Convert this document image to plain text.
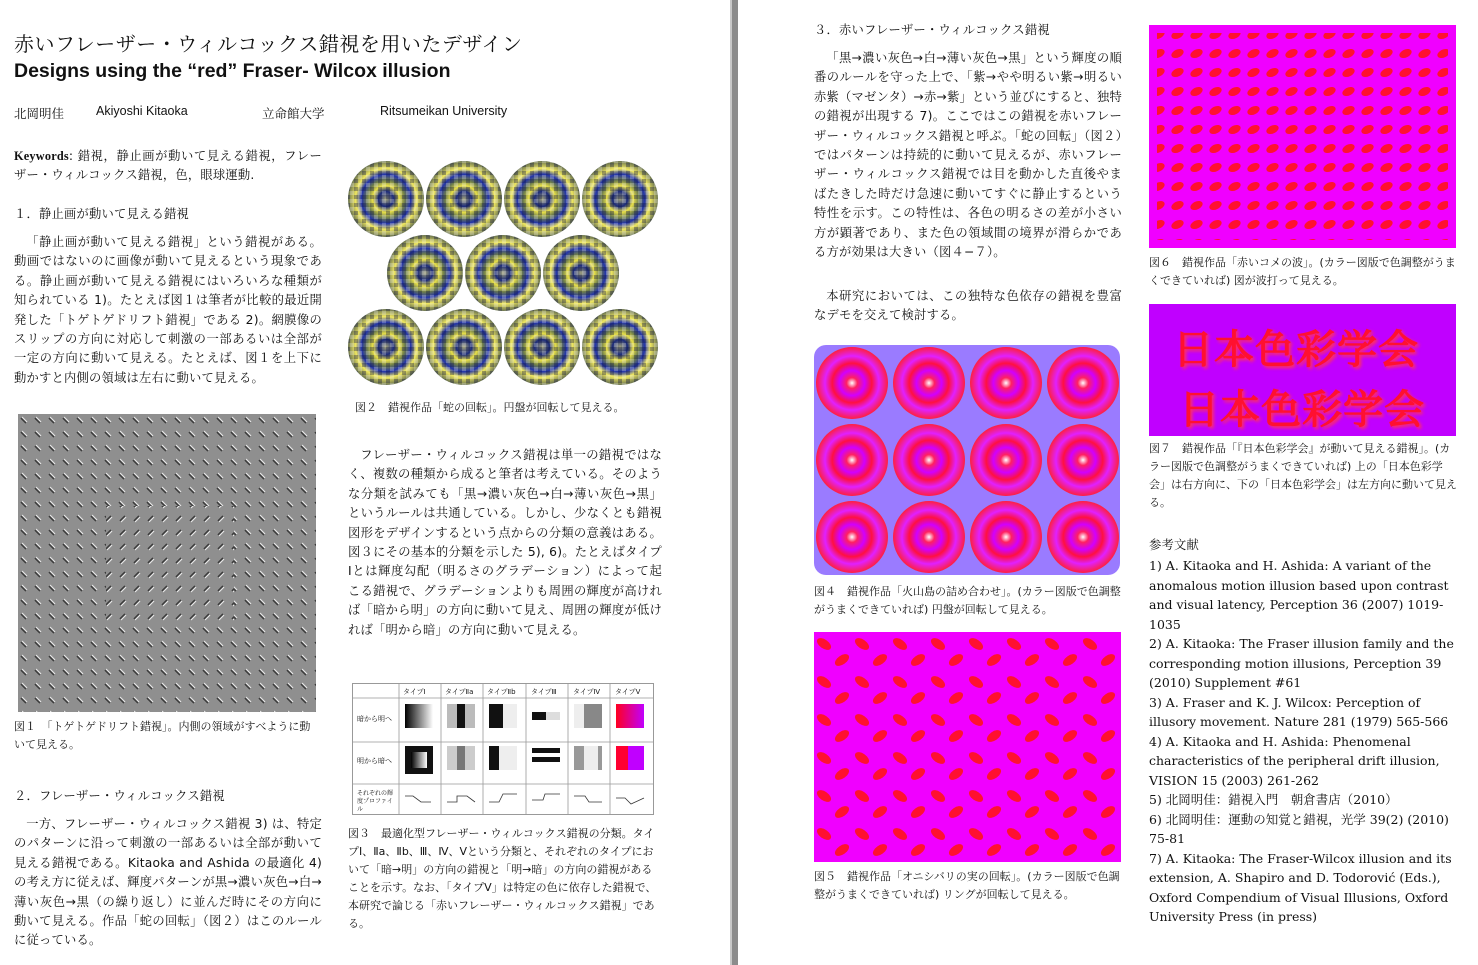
赤いフレーザー・ウィルコックス錯視を用いたデザイン
Designs using the “red” Fraser- Wilcox illusion
北岡明佳	Akiyoshi Kitaoka	立命館大学	Ritsumeikan University
Keywords: 錯視，静止画が動いて見える錯視，フレーザー・ウィルコックス錯視，色，眼球運動.
１．静止画が動いて見える錯視
「静止画が動いて見える錯視」という錯視がある。動画ではないのに画像が動いて見えるという現象である。静止画が動いて見える錯視にはいろいろな種類が知られている 1)。たとえば図１は筆者が比較的最近開発した「トゲトゲドリフト錯視」である 2)。網膜像のスリップの方向に対応して刺激の一部あるいは全部が一定の方向に動いて見える。たとえば、図１を上下に動かすと内側の領域は左右に動いて見える。
図１　「トゲトゲドリフト錯視」。内側の領域がすべように動いて見える。
２．フレーザー・ウィルコックス錯視
一方、フレーザー・ウィルコックス錯視 3) は、特定のパターンに沿って刺激の一部あるいは全部が動いて見える錯視である。Kitaoka and Ashida の最適化 4)の考え方に従えば、輝度パターンが黒→濃い灰色→白→薄い灰色→黒（の繰り返し）に並んだ時にその方向に動いて見える。作品「蛇の回転」（図２）はこのルールに従っている。
図２　錯視作品「蛇の回転」。円盤が回転して見える。
フレーザー・ウィルコックス錯視は単一の錯視ではなく、複数の種類から成ると筆者は考えている。そのような分類を試みても「黒→濃い灰色→白→薄い灰色→黒」というルールは共通している。しかし、少なくとも錯視図形をデザインするという点からの分類の意義はある。図３にその基本的分類を示した 5), 6)。たとえばタイプⅠとは輝度勾配（明るさのグラデーション）によって起こる錯視で、グラデーションよりも周囲の輝度が高ければ「暗から明」の方向に動いて見え、周囲の輝度が低ければ「明から暗」の方向に動いて見える。
タイプⅠ	タイプⅡa タイプⅡb タイプⅢ タイプⅣ タイプⅤ
暗から明へ
明から暗へ
それぞれの輝度プロファイル
図３　最適化型フレーザー・ウィルコックス錯視の分類。タイプⅠ、Ⅱa、Ⅱb、Ⅲ、Ⅳ、Ⅴという分類と、それぞれのタイプにおいて「暗→明」の方向の錯視と「明→暗」の方向の錯視があることを示す。なお、「タイプⅤ」は特定の色に依存した錯視で、本研究で論じる「赤いフレーザー・ウィルコックス錯視」である。
３．赤いフレーザー・ウィルコックス錯視
「黒→濃い灰色→白→薄い灰色→黒」という輝度の順番のルールを守った上で、「紫→やや明るい紫→明るい赤紫（マゼンタ）→赤→紫」という並びにすると、独特の錯視が出現する 7)。ここではこの錯視を赤いフレーザー・ウィルコックス錯視と呼ぶ。「蛇の回転」（図２）ではパターンは持続的に動いて見えるが、赤いフレーザー・ウィルコックス錯視では目を動かした直後やまばたきした時だけ急速に動いてすぐに静止するという特性を示す。この特性は、各色の明るさの差が小さい方が顕著であり、また色の領域間の境界が滑らかである方が効果は大きい（図４−７）。
本研究においては、この独特な色依存の錯視を豊富なデモを交えて検討する。
図４　錯視作品「火山島の詰め合わせ」。(カラー図版で色調整がうまくできていれば) 円盤が回転して見える。
図５　錯視作品「オニシバリの実の回転」。(カラー図版で色調整がうまくできていれば) リングが回転して見える。
図６　錯視作品「赤いコメの波」。(カラー図版で色調整がうまくできていれば) 図が波打って見える。
日本色彩学会
日本色彩学会
図７　錯視作品「『日本色彩学会』が動いて見える錯視」。(カラー図版で色調整がうまくできていれば) 上の「日本色彩学会」は右方向に、下の「日本色彩学会」は左方向に動いて見える。
参考文献
1) A. Kitaoka and H. Ashida: A variant of the anomalous motion illusion based upon contrast and visual latency, Perception 36 (2007) 1019-1035
2) A. Kitaoka: The Fraser illusion family and the corresponding motion illusions, Perception 39 (2010) Supplement #61
3) A. Fraser and K. J. Wilcox: Perception of illusory movement. Nature 281 (1979) 565-566
4) A. Kitaoka and H. Ashida: Phenomenal characteristics of the peripheral drift illusion, VISION 15 (2003) 261-262
5) 北岡明佳：錯視入門　朝倉書店（2010）
6) 北岡明佳：運動の知覚と錯視，光学 39(2) (2010) 75-81
7) A. Kitaoka: The Fraser-Wilcox illusion and its extension, A. Shapiro and D. Todorović (Eds.), Oxford Compendium of Visual Illusions, Oxford University Press (in press)
